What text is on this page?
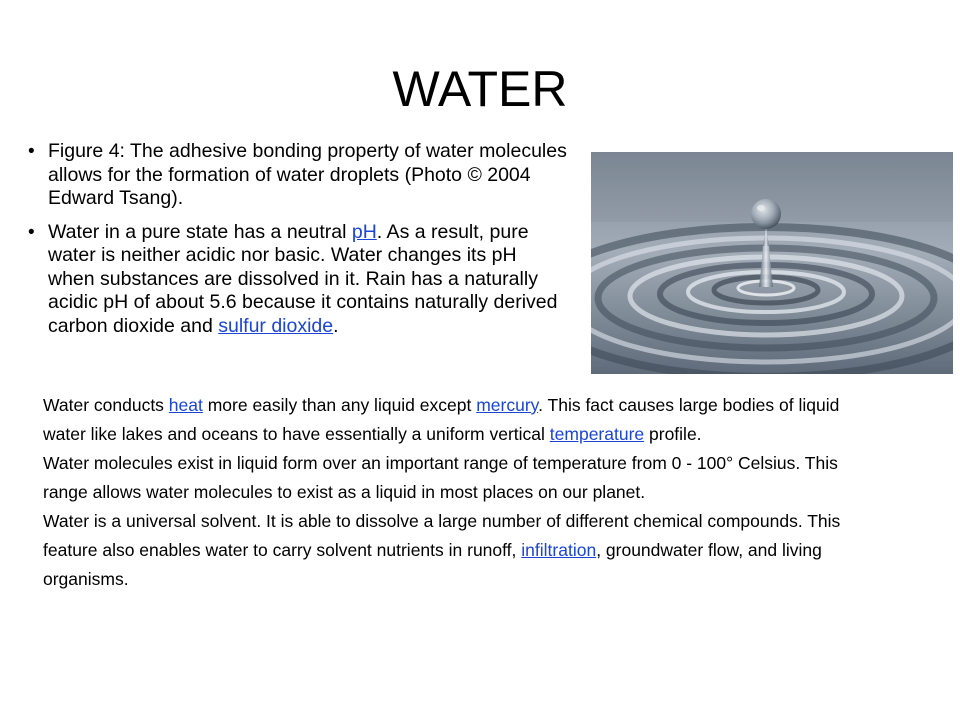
WATER
• Figure 4: The adhesive bonding property of water molecules allows for the formation of water droplets (Photo © 2004 Edward Tsang).
• Water in a pure state has a neutral pH. As a result, pure water is neither acidic nor basic. Water changes its pH when substances are dissolved in it. Rain has a naturally acidic pH of about 5.6 because it contains naturally derived carbon dioxide and sulfur dioxide.

Water conducts heat more easily than any liquid except mercury. This fact causes large bodies of liquid water like lakes and oceans to have essentially a uniform vertical temperature profile.

Water molecules exist in liquid form over an important range of temperature from 0 - 100° Celsius. This range allows water molecules to exist as a liquid in most places on our planet.

Water is a universal solvent. It is able to dissolve a large number of different chemical compounds. This feature also enables water to carry solvent nutrients in runoff, infiltration, groundwater flow, and living organisms.
